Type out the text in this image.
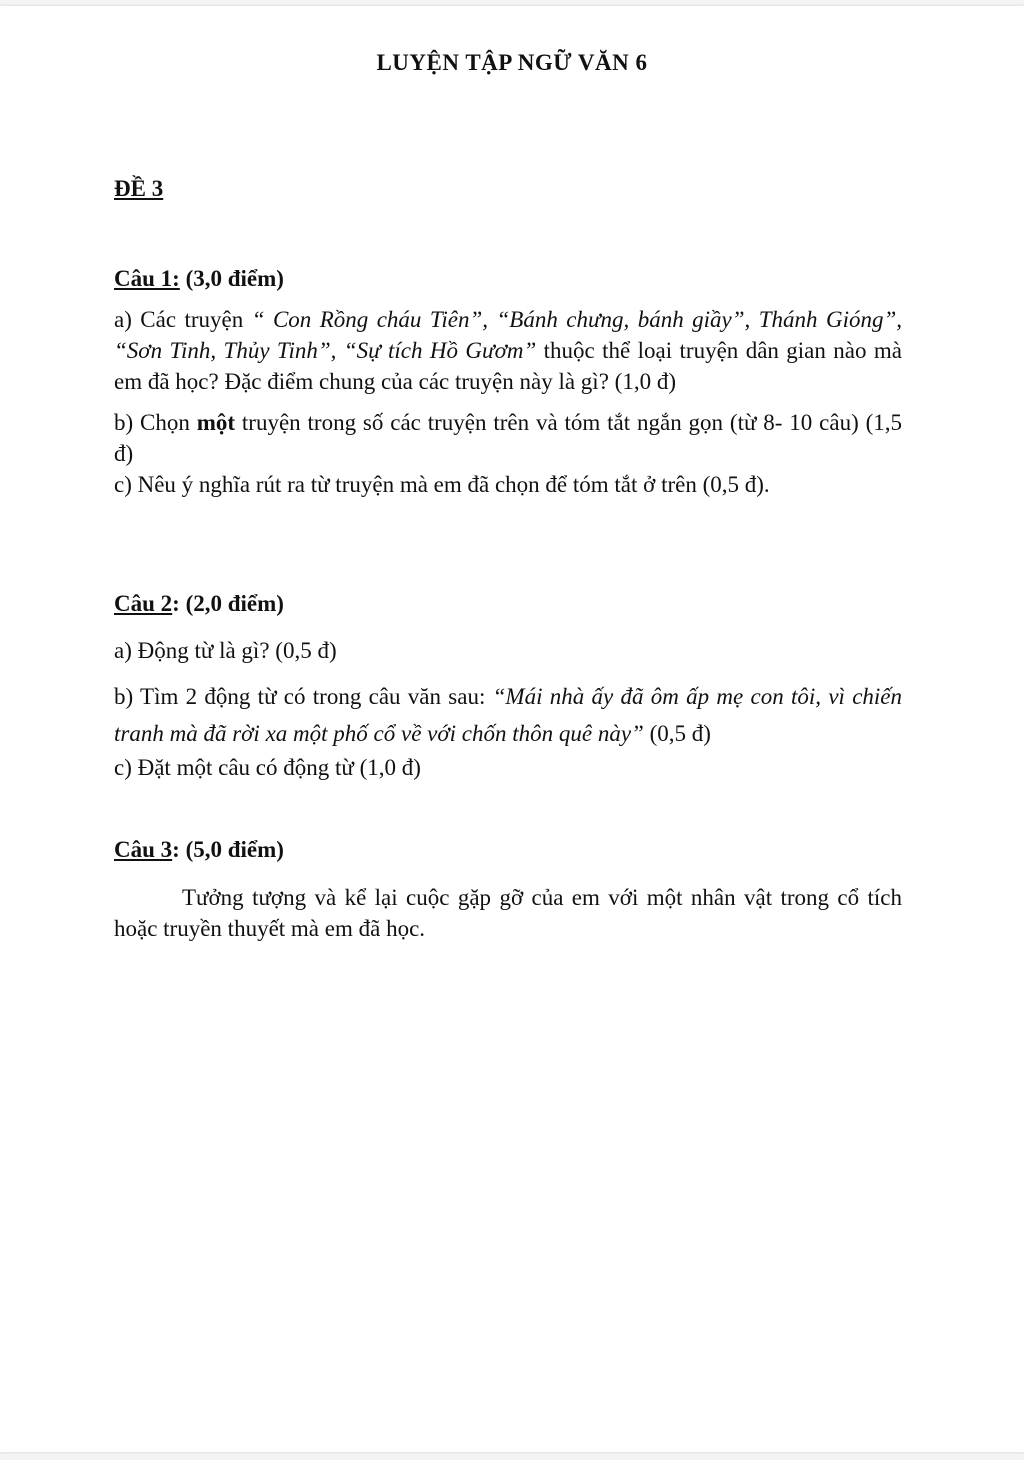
LUYỆN TẬP NGỮ VĂN 6
ĐỀ 3
Câu 1: (3,0 điểm)
a) Các truyện “ Con Rồng cháu Tiên”, “Bánh chưng, bánh giầy”, Thánh Gióng”, “Sơn Tinh, Thủy Tinh”, “Sự tích Hồ Gươm” thuộc thể loại truyện dân gian nào mà em đã học? Đặc điểm chung của các truyện này là gì? (1,0 đ)
b) Chọn một truyện trong số các truyện trên và tóm tắt ngắn gọn (từ 8- 10 câu) (1,5 đ)
c) Nêu ý nghĩa rút ra từ truyện mà em đã chọn để tóm tắt ở trên (0,5 đ).
Câu 2: (2,0 điểm)
a) Động từ là gì? (0,5 đ)
b) Tìm 2 động từ có trong câu văn sau: “Mái nhà ấy đã ôm ấp mẹ con tôi, vì chiến tranh mà đã rời xa một phố cổ về với chốn thôn quê này” (0,5 đ)
c) Đặt một câu có động từ (1,0 đ)
Câu 3: (5,0 điểm)
Tưởng tượng và kể lại cuộc gặp gỡ của em với một nhân vật trong cổ tích hoặc truyền thuyết mà em đã học.
